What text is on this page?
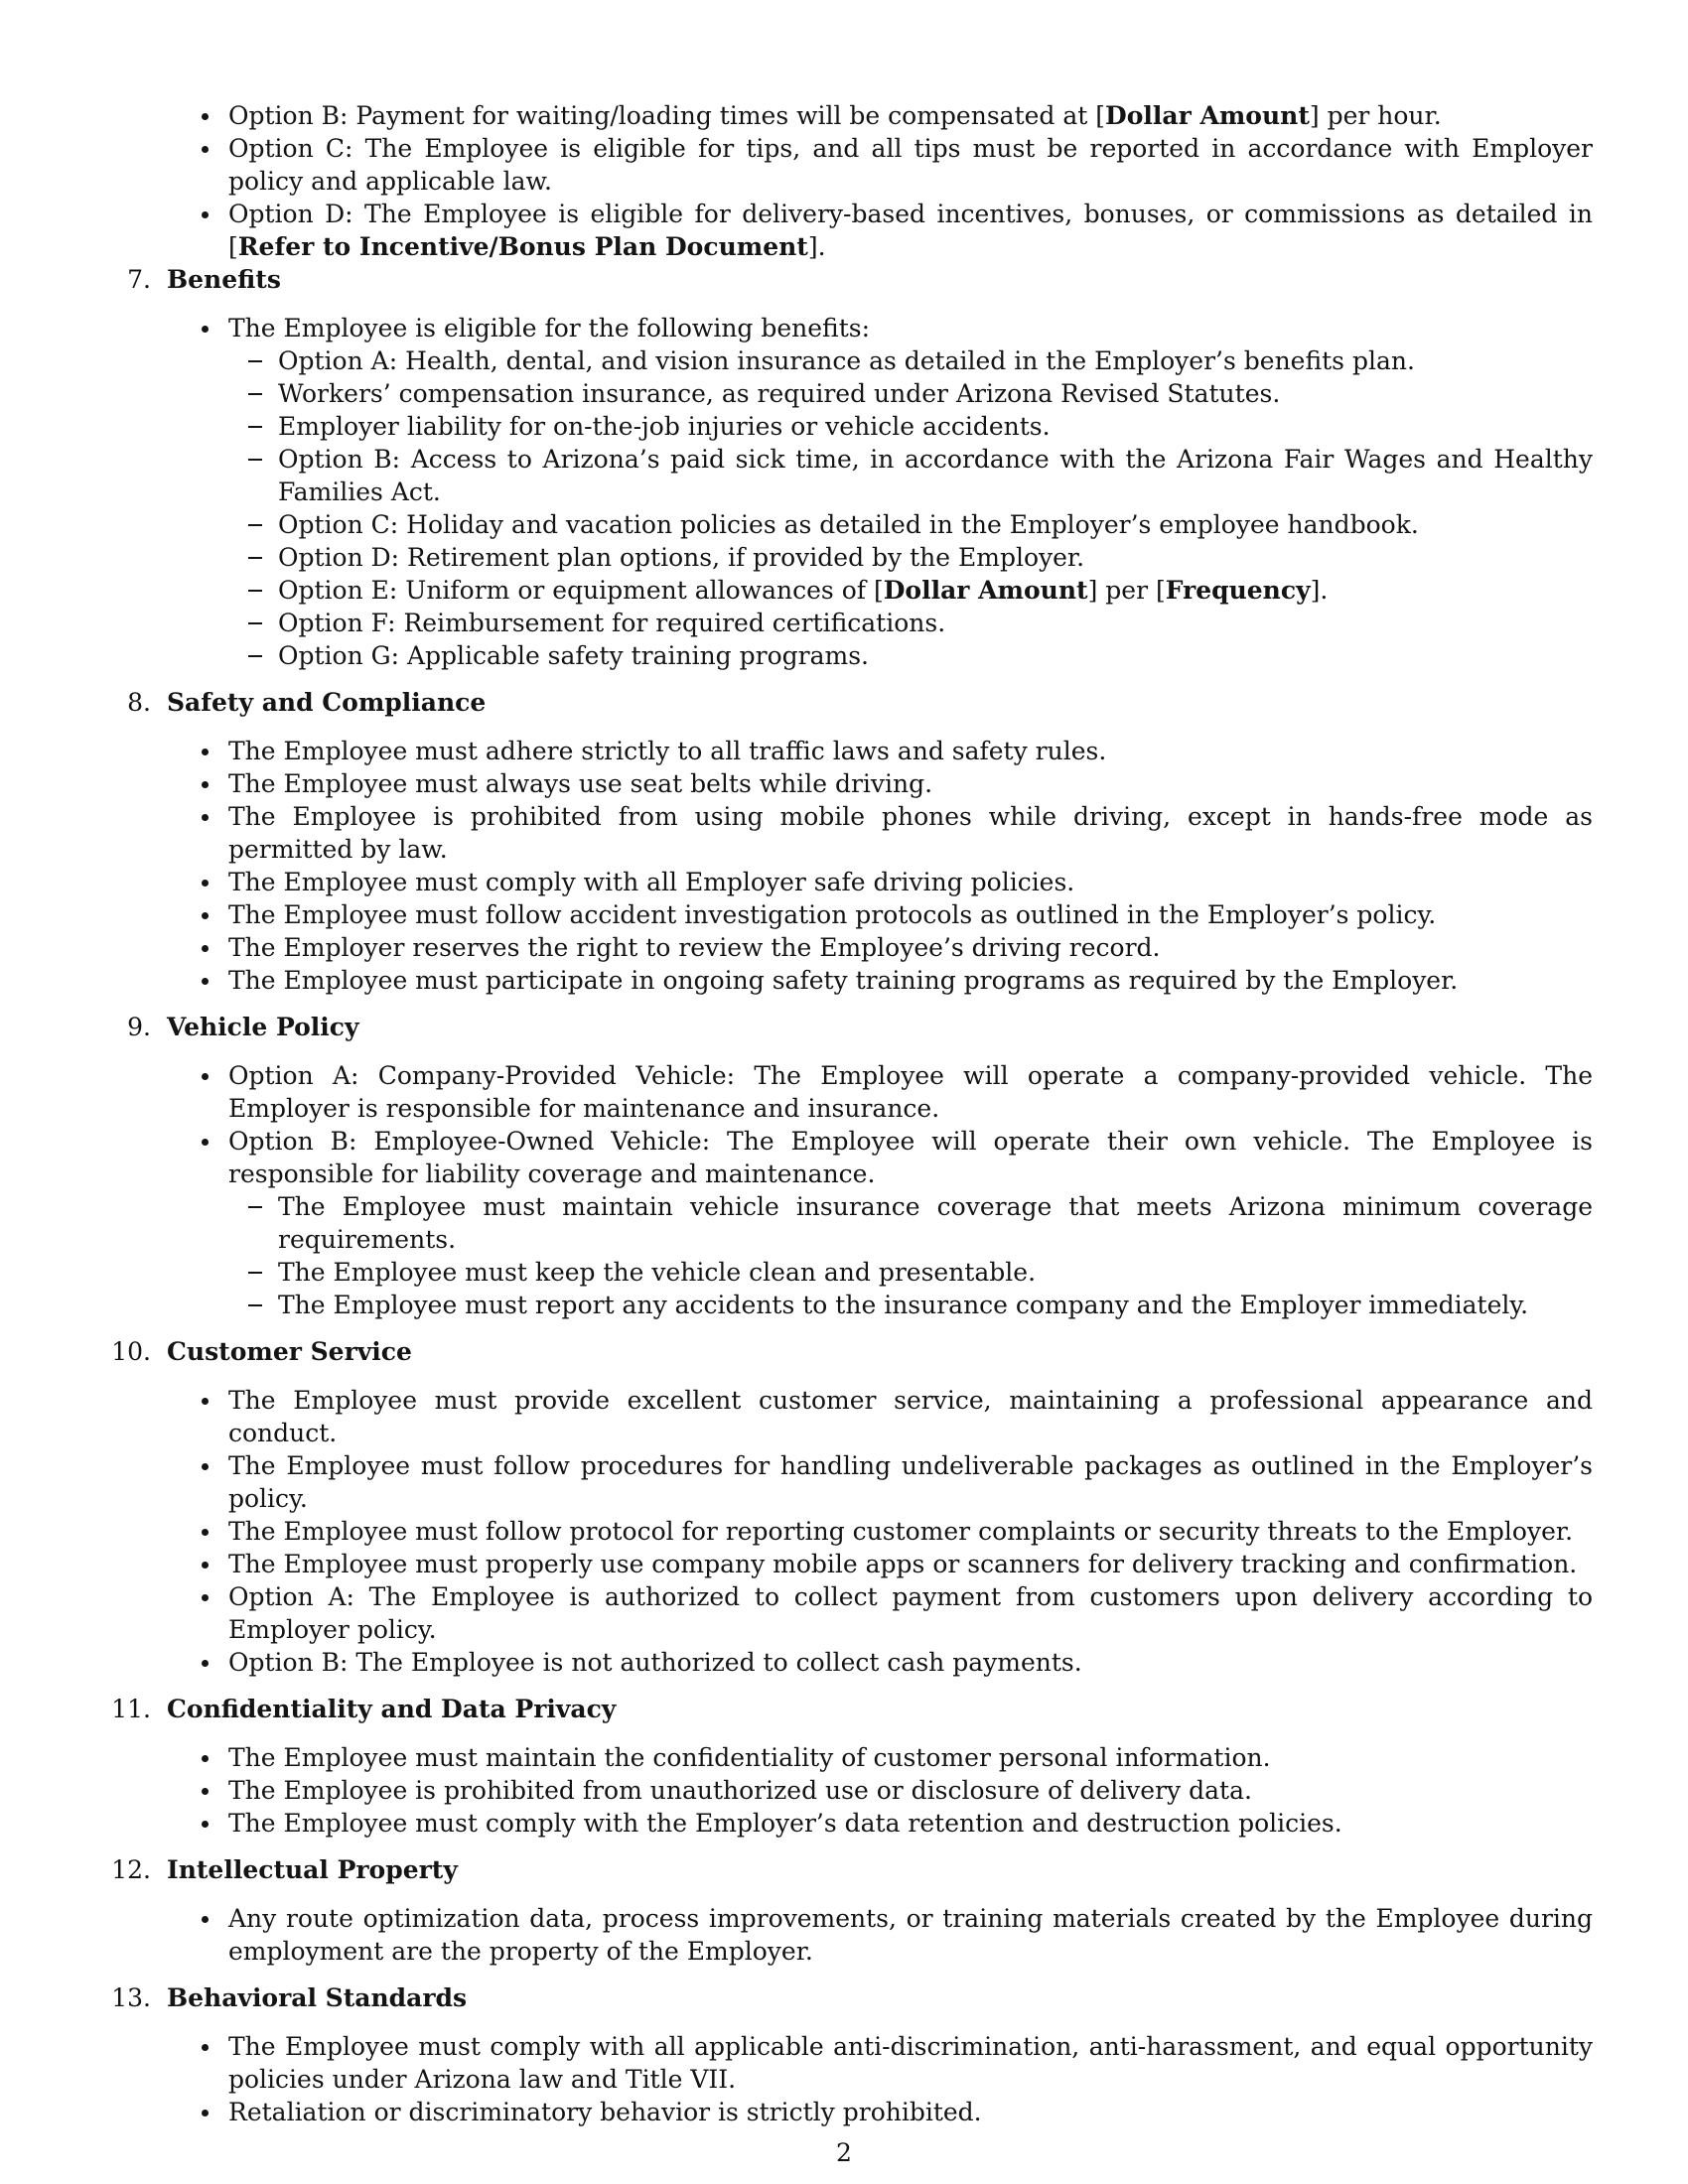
Option B: Payment for waiting/loading times will be compensated at [Dollar Amount] per hour.
Option C: The Employee is eligible for tips, and all tips must be reported in accordance with Employer policy and applicable law.
Option D: The Employee is eligible for delivery-based incentives, bonuses, or commissions as detailed in [Refer to Incentive/Bonus Plan Document].
7. Benefits
The Employee is eligible for the following benefits:
Option A: Health, dental, and vision insurance as detailed in the Employer’s benefits plan.
Workers’ compensation insurance, as required under Arizona Revised Statutes.
Employer liability for on-the-job injuries or vehicle accidents.
Option B: Access to Arizona’s paid sick time, in accordance with the Arizona Fair Wages and Healthy Families Act.
Option C: Holiday and vacation policies as detailed in the Employer’s employee handbook.
Option D: Retirement plan options, if provided by the Employer.
Option E: Uniform or equipment allowances of [Dollar Amount] per [Frequency].
Option F: Reimbursement for required certifications.
Option G: Applicable safety training programs.
8. Safety and Compliance
The Employee must adhere strictly to all traffic laws and safety rules.
The Employee must always use seat belts while driving.
The Employee is prohibited from using mobile phones while driving, except in hands-free mode as permitted by law.
The Employee must comply with all Employer safe driving policies.
The Employee must follow accident investigation protocols as outlined in the Employer’s policy.
The Employer reserves the right to review the Employee’s driving record.
The Employee must participate in ongoing safety training programs as required by the Employer.
9. Vehicle Policy
Option A: Company-Provided Vehicle: The Employee will operate a company-provided vehicle. The Employer is responsible for maintenance and insurance.
Option B: Employee-Owned Vehicle: The Employee will operate their own vehicle. The Employee is responsible for liability coverage and maintenance.
The Employee must maintain vehicle insurance coverage that meets Arizona minimum coverage requirements.
The Employee must keep the vehicle clean and presentable.
The Employee must report any accidents to the insurance company and the Employer immediately.
10. Customer Service
The Employee must provide excellent customer service, maintaining a professional appearance and conduct.
The Employee must follow procedures for handling undeliverable packages as outlined in the Employer’s policy.
The Employee must follow protocol for reporting customer complaints or security threats to the Employer.
The Employee must properly use company mobile apps or scanners for delivery tracking and confirmation.
Option A: The Employee is authorized to collect payment from customers upon delivery according to Employer policy.
Option B: The Employee is not authorized to collect cash payments.
11. Confidentiality and Data Privacy
The Employee must maintain the confidentiality of customer personal information.
The Employee is prohibited from unauthorized use or disclosure of delivery data.
The Employee must comply with the Employer’s data retention and destruction policies.
12. Intellectual Property
Any route optimization data, process improvements, or training materials created by the Employee during employment are the property of the Employer.
13. Behavioral Standards
The Employee must comply with all applicable anti-discrimination, anti-harassment, and equal opportunity policies under Arizona law and Title VII.
Retaliation or discriminatory behavior is strictly prohibited.
2
